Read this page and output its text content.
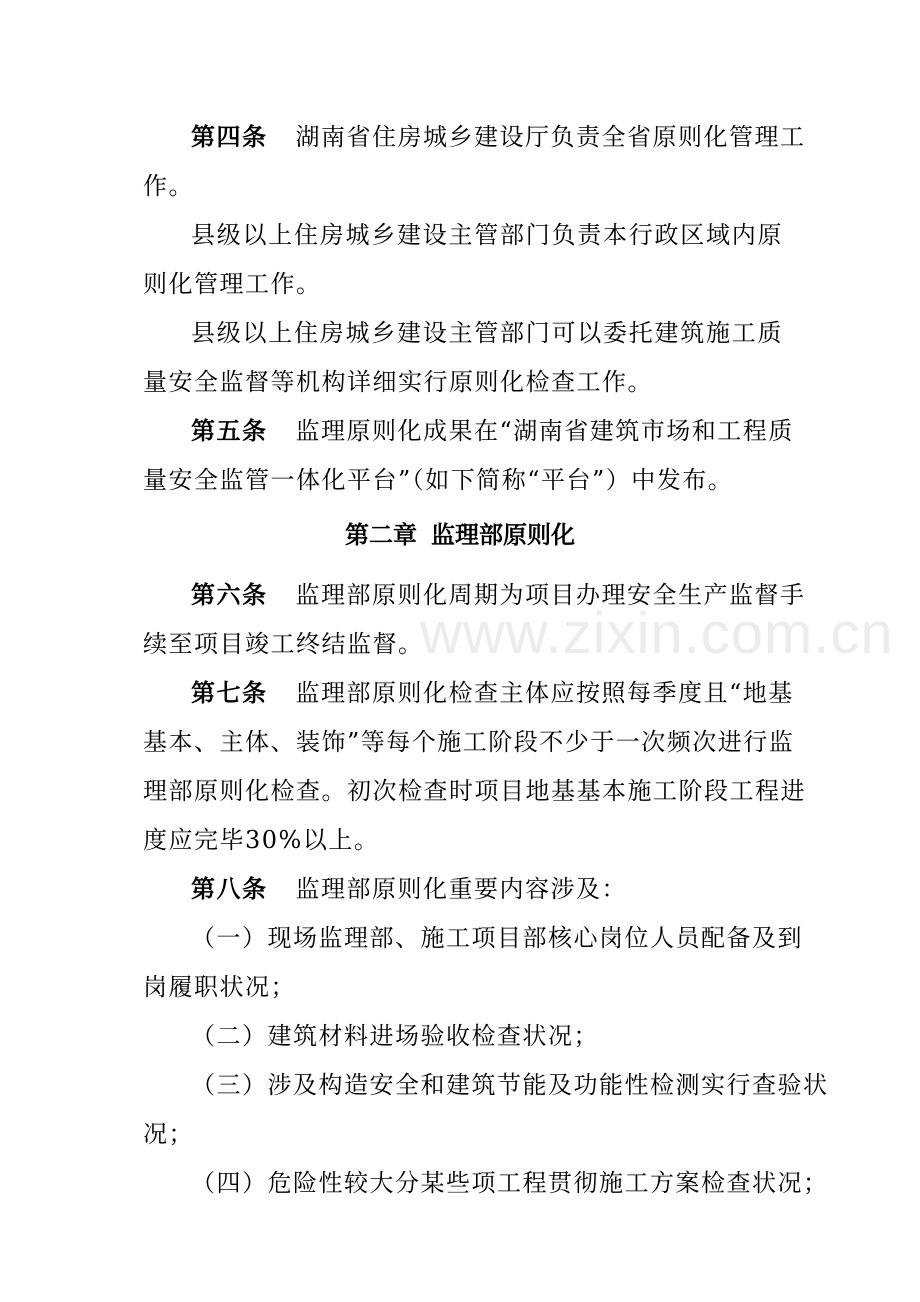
www.zixin.com.cn
第四条 湖南省住房城乡建设厅负责全省原则化管理工
作。
县级以上住房城乡建设主管部门负责本行政区域内原
则化管理工作。
县级以上住房城乡建设主管部门可以委托建筑施工质
量安全监督等机构详细实行原则化检查工作。
第五条 监理原则化成果在“湖南省建筑市场和工程质
量安全监管一体化平台”（如下简称“平台”）中发布。
第二章 监理部原则化
第六条 监理部原则化周期为项目办理安全生产监督手
续至项目竣工终结监督。
第七条 监理部原则化检查主体应按照每季度且“地基
基本、主体、装饰”等每个施工阶段不少于一次频次进行监
理部原则化检查。初次检查时项目地基基本施工阶段工程进
度应完毕30%以上。
第八条 监理部原则化重要内容涉及：
（一）现场监理部、施工项目部核心岗位人员配备及到
岗履职状况；
（二）建筑材料进场验收检查状况；
（三）涉及构造安全和建筑节能及功能性检测实行查验状
况；
（四）危险性较大分某些项工程贯彻施工方案检查状况；
